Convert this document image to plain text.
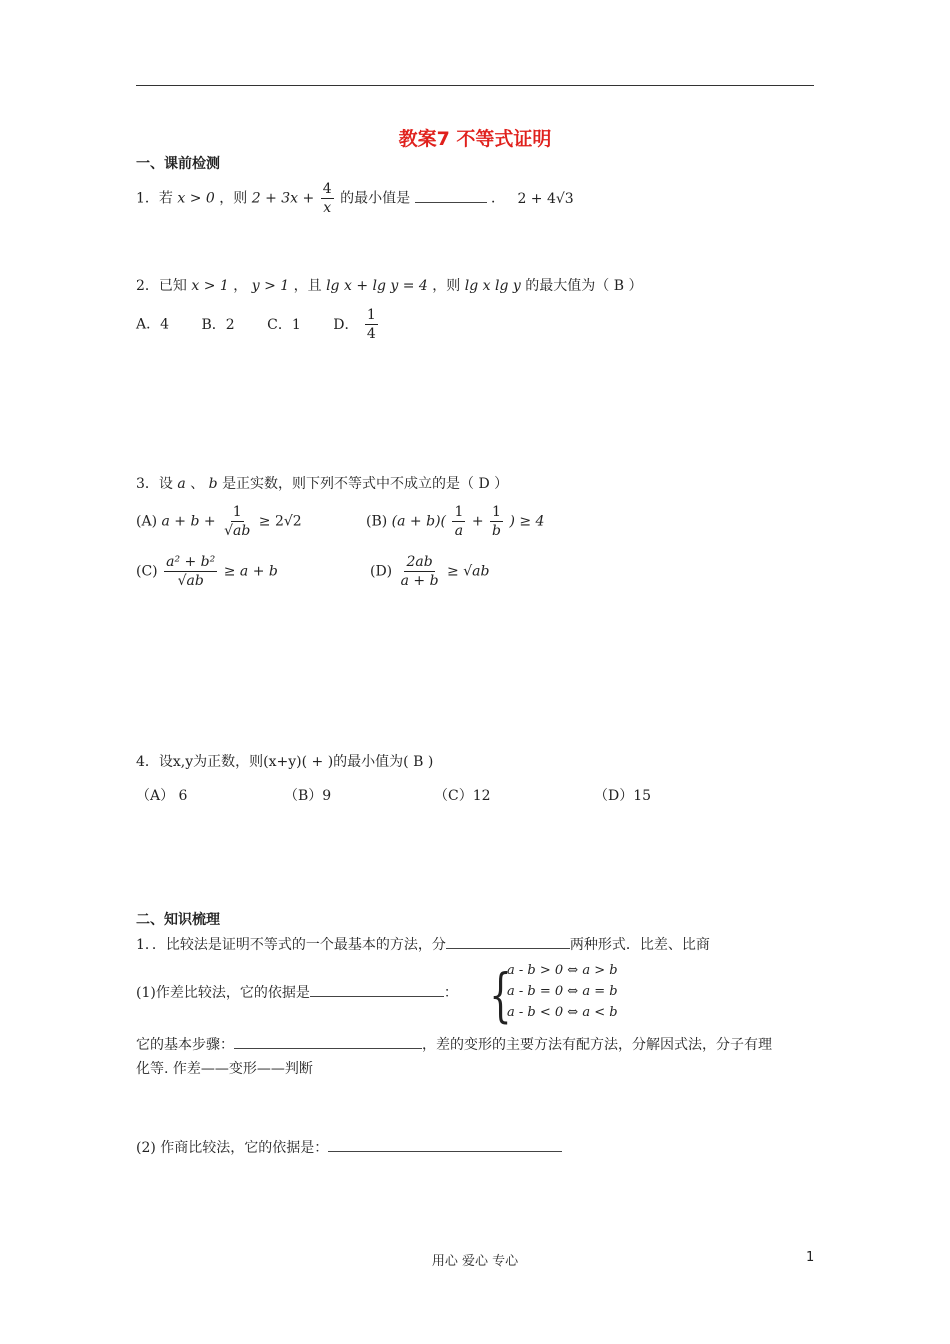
教案7 不等式证明
一、课前检测
1．若 x > 0 ，则 $2 + 3x + \frac{4}{x}$ 的最小值是	． 2 + 4√3
2．已知 x > 1 ， y > 1 ，且 lg x + lg y = 4 ，则 lg x lg y 的最大值为（ B ）
A．4 B．2 C．1 D． $\frac{1}{4}$
3．设 a 、 b 是正实数，则下列不等式中不成立的是（ D ）
(A) $a + b + \frac{1}{√ab} \ge 2√2$	(B) $(a + b)( \frac{1}{a} + \frac{1}{b}$ ) ≥ 4
$(C) \frac{\text{a² + b²}}{√ab} \ge a + b$	$(D) \frac{2ab}{a + b} \ge √ab$
4．设x,y为正数，则(x+y)( + )的最小值为( B )
（A） 6	（B）9	（C）12	（D）15
二、知识梳理
1．．比较法是证明不等式的一个最基本的方法，分	两种形式．比差、比商
(1)作差比较法，它的依据是	： {
a - b > 0 ⇔ a > b
a - b = 0 ⇔ a = b
a - b < 0 ⇔ a < b
它的基本步骤：	，差的变形的主要方法有配方法，分解因式法，分子有理
化等. 作差——变形——判断
(2) 作商比较法，它的依据是：
用心 爱心 专心	1
